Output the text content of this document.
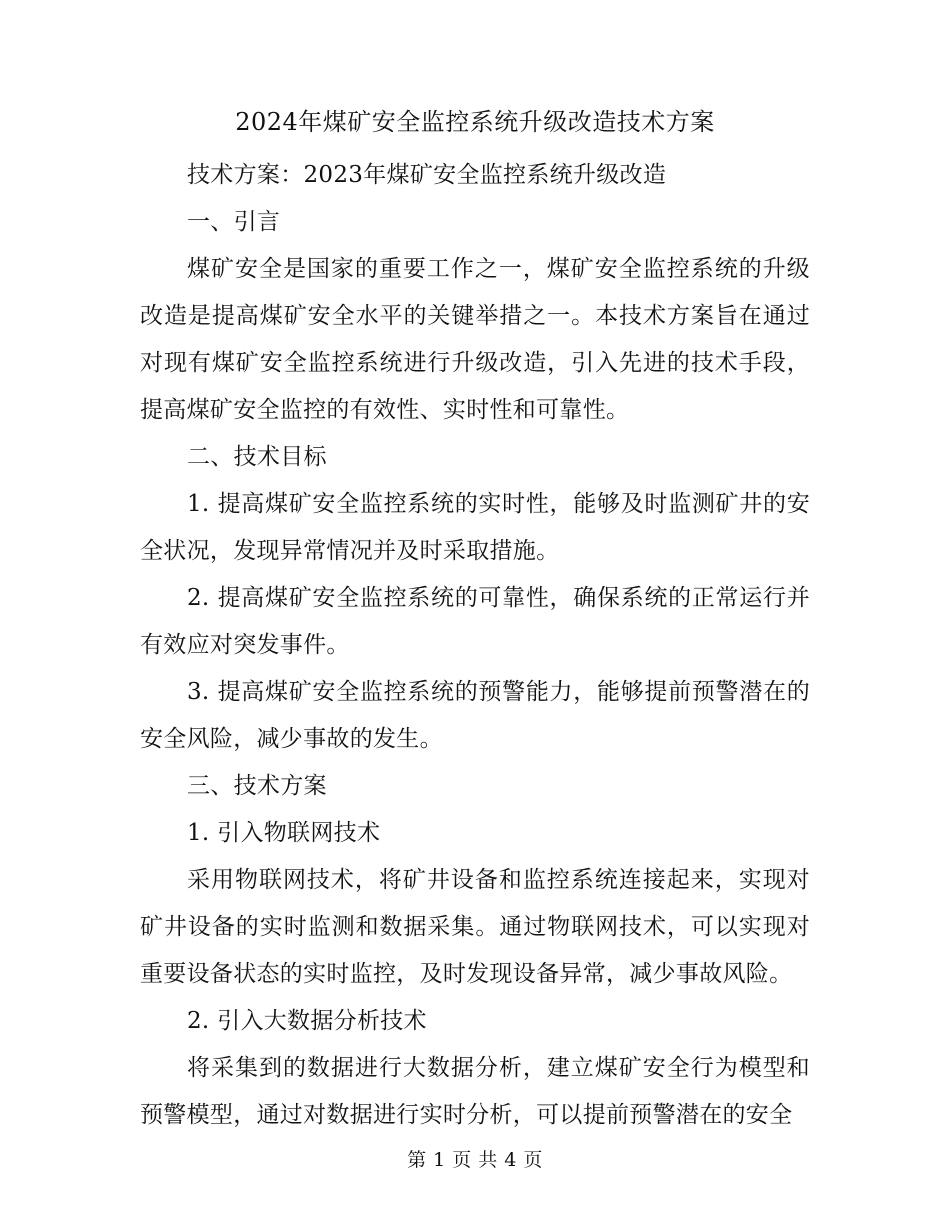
2024年煤矿安全监控系统升级改造技术方案

技术方案：2023年煤矿安全监控系统升级改造

一、引言

煤矿安全是国家的重要工作之一，煤矿安全监控系统的升级改造是提高煤矿安全水平的关键举措之一。本技术方案旨在通过对现有煤矿安全监控系统进行升级改造，引入先进的技术手段，提高煤矿安全监控的有效性、实时性和可靠性。

二、技术目标

1. 提高煤矿安全监控系统的实时性，能够及时监测矿井的安全状况，发现异常情况并及时采取措施。

2. 提高煤矿安全监控系统的可靠性，确保系统的正常运行并有效应对突发事件。

3. 提高煤矿安全监控系统的预警能力，能够提前预警潜在的安全风险，减少事故的发生。

三、技术方案

1. 引入物联网技术

采用物联网技术，将矿井设备和监控系统连接起来，实现对矿井设备的实时监测和数据采集。通过物联网技术，可以实现对重要设备状态的实时监控，及时发现设备异常，减少事故风险。

2. 引入大数据分析技术

将采集到的数据进行大数据分析，建立煤矿安全行为模型和预警模型，通过对数据进行实时分析，可以提前预警潜在的安全

第 1 页 共 4 页
